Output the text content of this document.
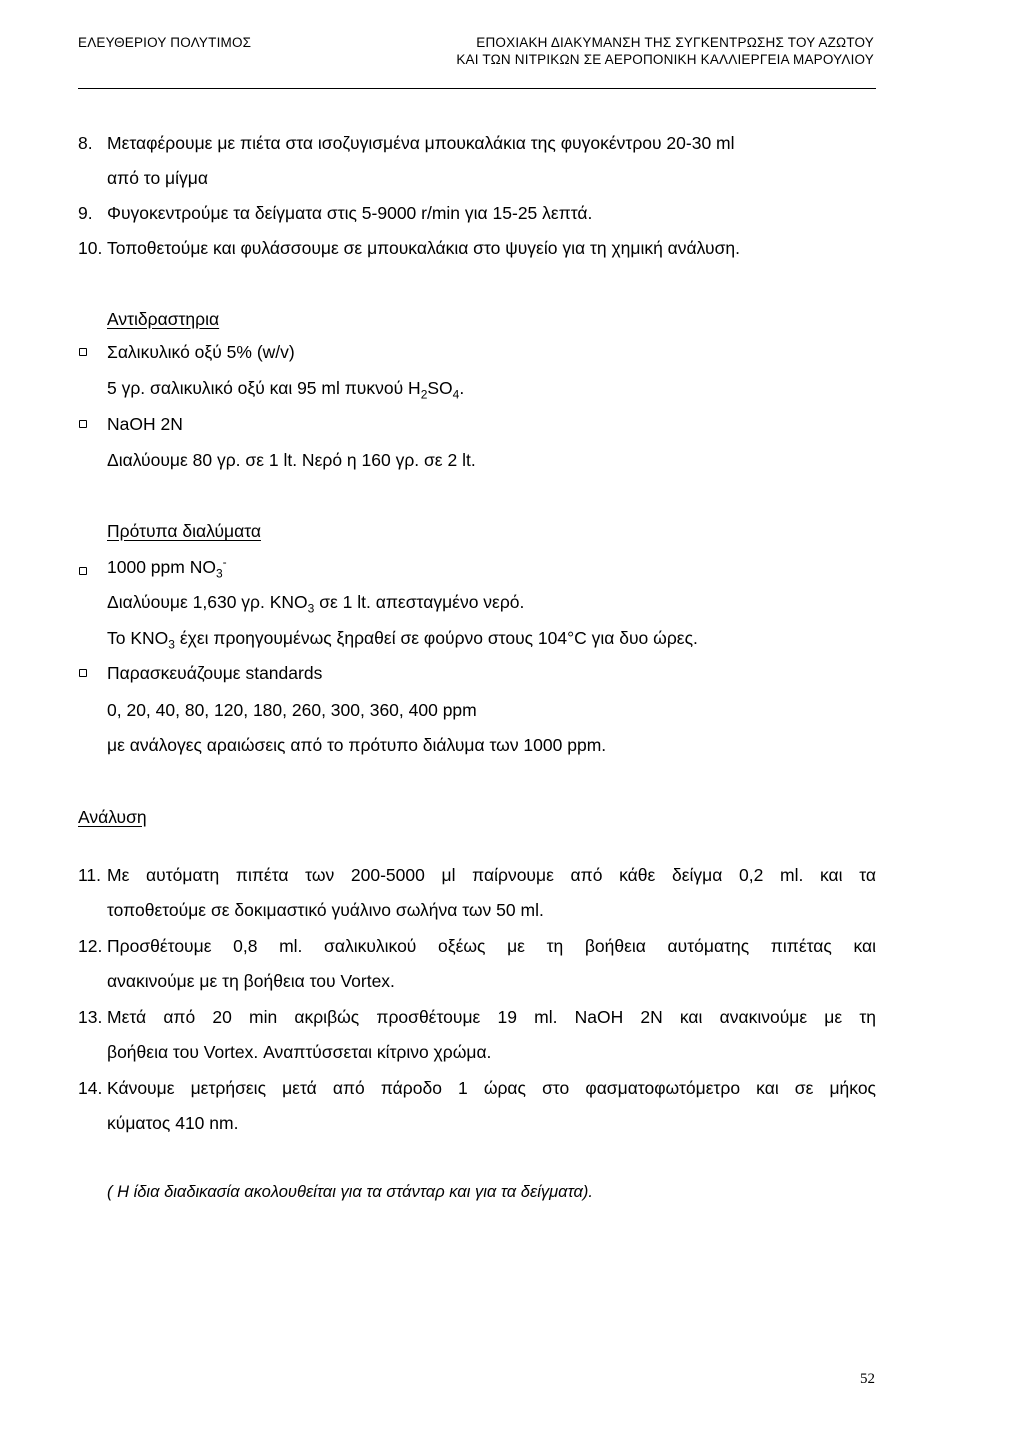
ΕΛΕΥΘΕΡΙΟΥ ΠΟΛΥΤΙΜΟΣ	ΕΠΟΧΙΑΚΗ ΔΙΑΚΥΜΑΝΣΗ ΤΗΣ ΣΥΓΚΕΝΤΡΩΣΗΣ ΤΟΥ ΑΖΩΤΟΥ
ΚΑΙ ΤΩΝ ΝΙΤΡΙΚΩΝ ΣΕ ΑΕΡΟΠΟΝΙΚΗ ΚΑΛΛΙΕΡΓΕΙΑ ΜΑΡΟΥΛΙΟΥ
8. Μεταφέρουμε με πιέτα στα ισοζυγισμένα μπουκαλάκια της φυγοκέντρου 20-30 ml
από το μίγμα
9. Φυγοκεντρούμε τα δείγματα στις 5-9000 r/min για 15-25 λεπτά.
10. Τοποθετούμε και φυλάσσουμε σε μπουκαλάκια στο ψυγείο για τη χημική ανάλυση.
Αντιδραστηρια
Σαλικυλικό οξύ 5% (w/v)
5 γρ. σαλικυλικό οξύ και 95 ml πυκνού $H_2SO_4$.
NaOH 2N
Διαλύουμε 80 γρ. σε 1 lt. Νερό η 160 γρ. σε 2 lt.
Πρότυπα διαλύματα
1000 ppm $NO_3^-$
Διαλύουμε 1,630 γρ. $KNO_3$ σε 1 lt. απεσταγμένο νερό.
Το $KNO_3$ έχει προηγουμένως ξηραθεί σε φούρνο στους 104°C για δυο ώρες.
Παρασκευάζουμε standards
0, 20, 40, 80, 120, 180, 260, 300, 360, 400 ppm
με ανάλογες αραιώσεις από το πρότυπο διάλυμα των 1000 ppm.
Ανάλυση
11. Με αυτόματη πιπέτα των 200-5000 μl παίρνουμε από κάθε δείγμα 0,2 ml. και τα
τοποθετούμε σε δοκιμαστικό γυάλινο σωλήνα των 50 ml.
12. Προσθέτουμε 0,8 ml. σαλικυλικού οξέως με τη βοήθεια αυτόματης πιπέτας και
ανακινούμε με τη βοήθεια του Vortex.
13. Μετά από 20 min ακριβώς προσθέτουμε 19 ml. NaOH 2N και ανακινούμε με τη
βοήθεια του Vortex. Αναπτύσσεται κίτρινο χρώμα.
14. Κάνουμε μετρήσεις μετά από πάροδο 1 ώρας στο φασματοφωτόμετρο και σε μήκος
κύματος 410 nm.
( Η ίδια διαδικασία ακολουθείται για τα στάνταρ και για τα δείγματα).
52
